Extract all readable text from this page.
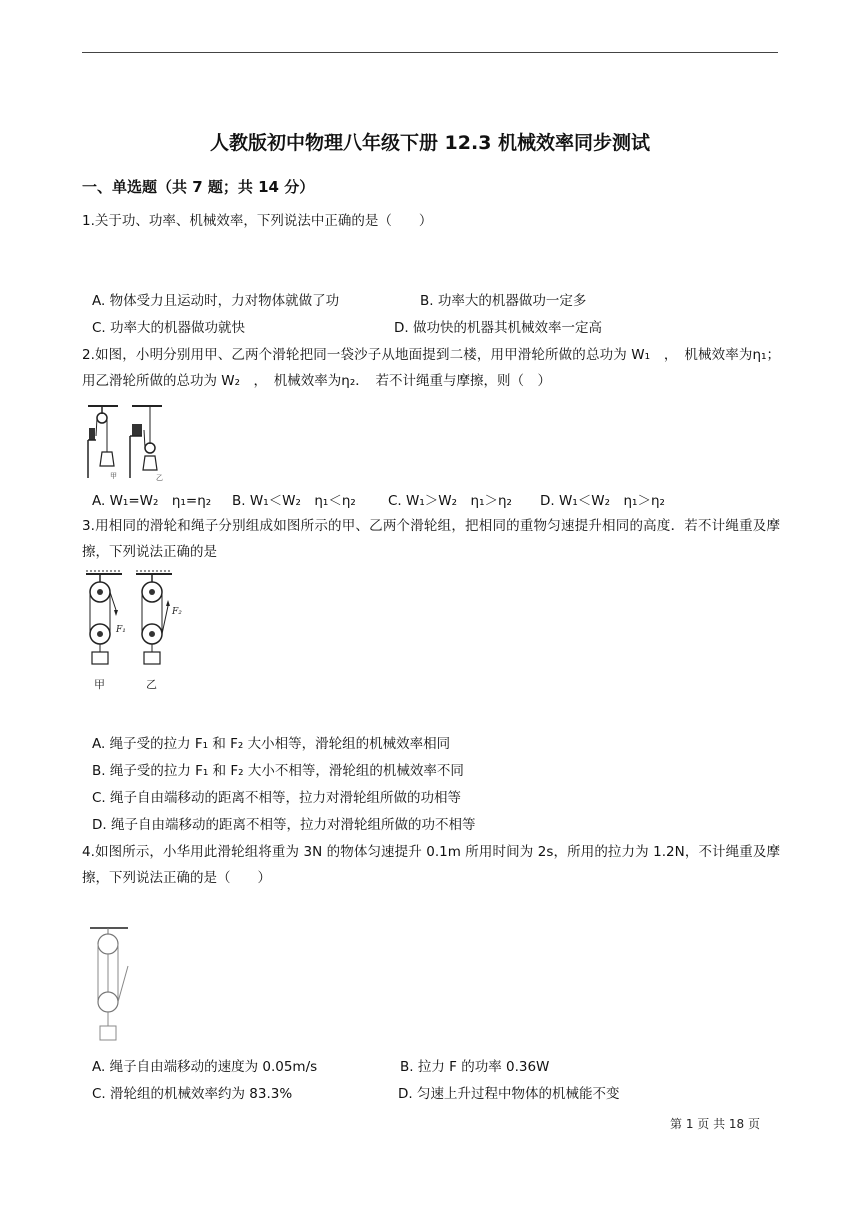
人教版初中物理八年级下册 12.3 机械效率同步测试
一、单选题（共 7 题；共 14 分）
1.关于功、功率、机械效率，下列说法中正确的是（　　）
A. 物体受力且运动时，力对物体就做了功	B. 功率大的机器做功一定多
C. 功率大的机器做功就快	D. 做功快的机器其机械效率一定高
2.如图，小明分别用甲、乙两个滑轮把同一袋沙子从地面提到二楼，用甲滑轮所做的总功为 W₁　，　机械效率为η₁；用乙滑轮所做的总功为 W₂　，　机械效率为η₂．　若不计绳重与摩擦，则（　）
甲	乙
A. W₁=W₂　η₁=η₂ B. W₁＜W₂　η₁＜η₂ C. W₁＞W₂　η₁＞η₂ D. W₁＜W₂　η₁＞η₂
3.用相同的滑轮和绳子分别组成如图所示的甲、乙两个滑轮组，把相同的重物匀速提升相同的高度．若不计绳重及摩擦，下列说法正确的是
F₁
甲
F₂
乙
A. 绳子受的拉力 F₁ 和 F₂ 大小相等，滑轮组的机械效率相同
B. 绳子受的拉力 F₁ 和 F₂ 大小不相等，滑轮组的机械效率不同
C. 绳子自由端移动的距离不相等，拉力对滑轮组所做的功相等
D. 绳子自由端移动的距离不相等，拉力对滑轮组所做的功不相等
4.如图所示，小华用此滑轮组将重为 3N 的物体匀速提升 0.1m 所用时间为 2s，所用的拉力为 1.2N，不计绳重及摩擦，下列说法正确的是（　　）
A. 绳子自由端移动的速度为 0.05m/s	B. 拉力 F 的功率 0.36W
C. 滑轮组的机械效率约为 83.3%	D. 匀速上升过程中物体的机械能不变
第 1 页 共 18 页
